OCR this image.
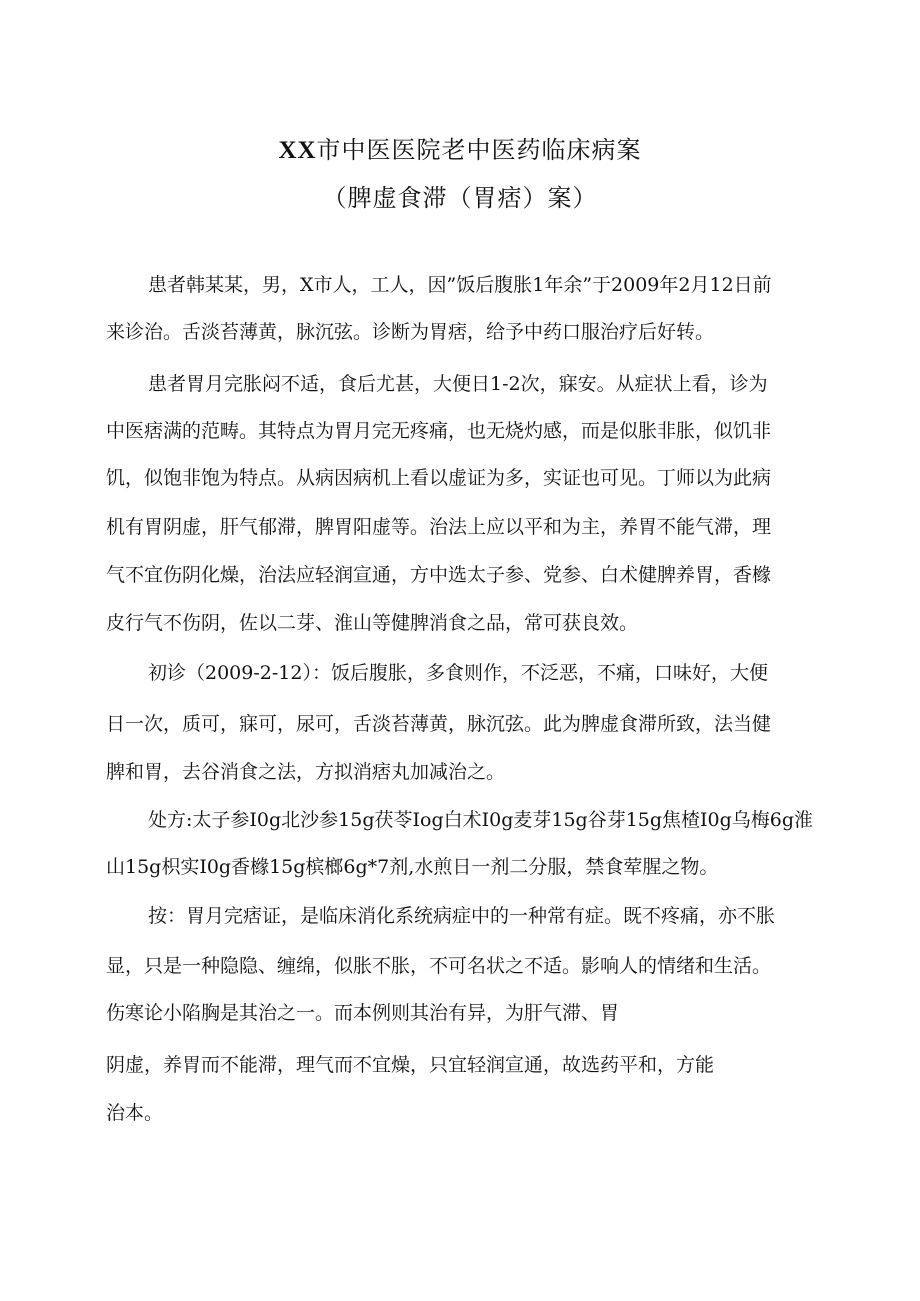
XX市中医医院老中医药临床病案
（脾虚食滞（胃痞）案）
患者韩某某，男，X市人，工人，因”饭后腹胀1年余”于2009年2月12日前
来诊治。舌淡苔薄黄，脉沉弦。诊断为胃痞，给予中药口服治疗后好转。
患者胃月完胀闷不适，食后尤甚，大便日1-2次，寐安。从症状上看，诊为
中医痞满的范畴。其特点为胃月完无疼痛，也无烧灼感，而是似胀非胀，似饥非
饥，似饱非饱为特点。从病因病机上看以虚证为多，实证也可见。丁师以为此病
机有胃阴虚，肝气郁滞，脾胃阳虚等。治法上应以平和为主，养胃不能气滞，理
气不宜伤阴化燥，治法应轻润宣通，方中选太子参、党参、白术健脾养胃，香橼
皮行气不伤阴，佐以二芽、淮山等健脾消食之品，常可获良效。
初诊（2009-2-12）：饭后腹胀，多食则作，不泛恶，不痛，口味好，大便
日一次，质可，寐可，尿可，舌淡苔薄黄，脉沉弦。此为脾虚食滞所致，法当健
脾和胃，去谷消食之法，方拟消痞丸加减治之。
处方:太子参I0g北沙参15g茯苓Iog白术I0g麦芽15g谷芽15g焦楂I0g乌梅6g淮
山15g枳实I0g香橼15g槟榔6g*7剂,水煎日一剂二分服，禁食荤腥之物。
按：胃月完痞证，是临床消化系统病症中的一种常有症。既不疼痛，亦不胀
显，只是一种隐隐、缠绵，似胀不胀，不可名状之不适。影响人的情绪和生活。
伤寒论小陷胸是其治之一。而本例则其治有异，为肝气滞、胃
阴虚，养胃而不能滞，理气而不宜燥，只宜轻润宣通，故选药平和，方能
治本。
